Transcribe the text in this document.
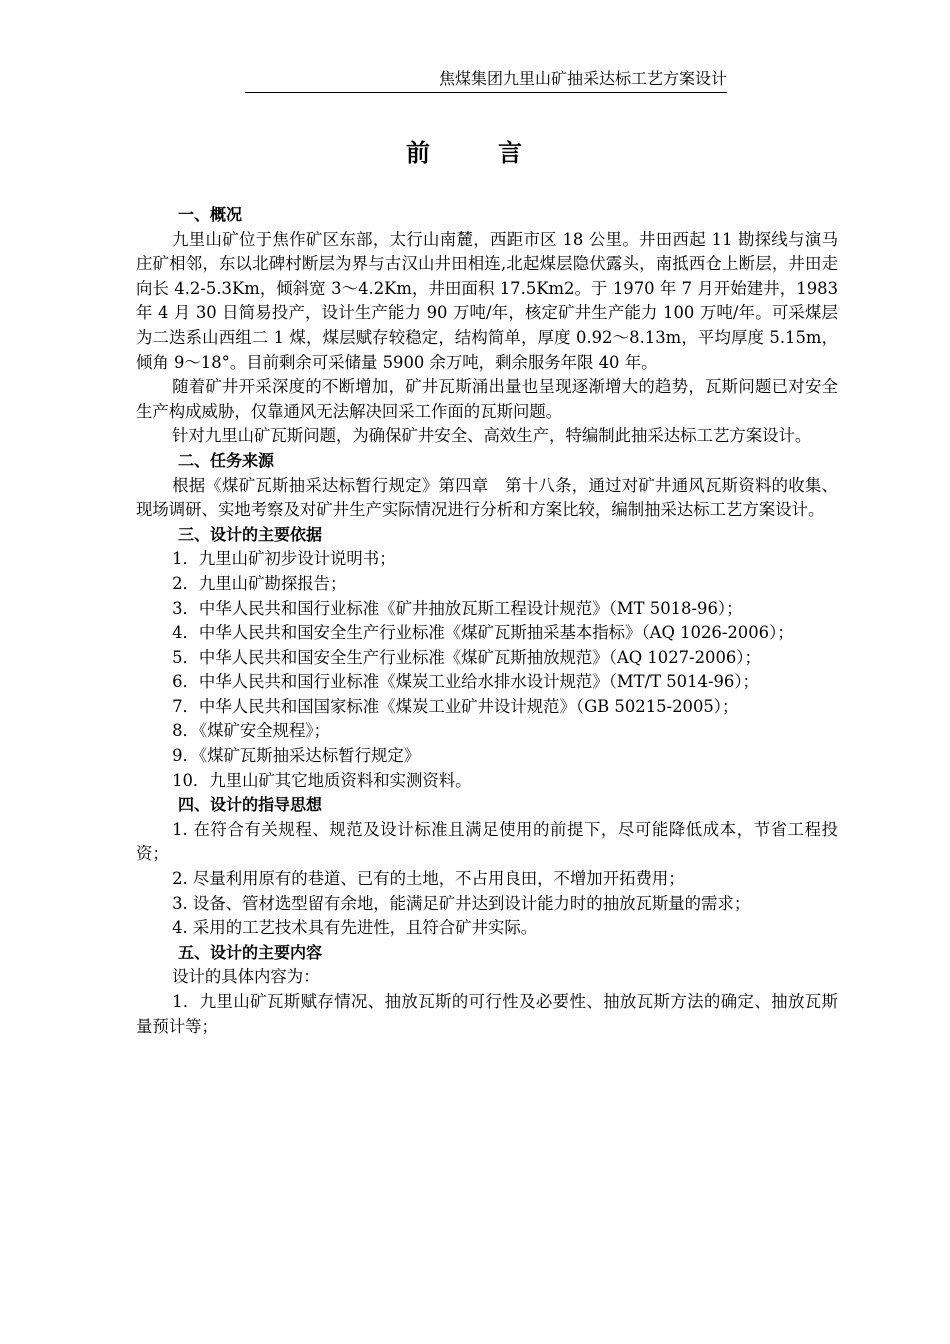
焦煤集团九里山矿抽采达标工艺方案设计
前　言

一、概况

九里山矿位于焦作矿区东部，太行山南麓，西距市区 18 公里。井田西起 11 勘探线与演马庄矿相邻，东以北碑村断层为界与古汉山井田相连,北起煤层隐伏露头，南抵西仓上断层，井田走向长 4.2-5.3Km，倾斜宽 3～4.2Km，井田面积 17.5Km2。于 1970 年 7 月开始建井，1983 年 4 月 30 日简易投产，设计生产能力 90 万吨/年，核定矿井生产能力 100 万吨/年。可采煤层为二迭系山西组二 1 煤，煤层赋存较稳定，结构简单，厚度 0.92～8.13m，平均厚度 5.15m，倾角 9～18°。目前剩余可采储量 5900 余万吨，剩余服务年限 40 年。

随着矿井开采深度的不断增加，矿井瓦斯涌出量也呈现逐渐增大的趋势，瓦斯问题已对安全生产构成威胁，仅靠通风无法解决回采工作面的瓦斯问题。

针对九里山矿瓦斯问题，为确保矿井安全、高效生产，特编制此抽采达标工艺方案设计。

二、任务来源

根据《煤矿瓦斯抽采达标暂行规定》第四章　第十八条，通过对矿井通风瓦斯资料的收集、现场调研、实地考察及对矿井生产实际情况进行分析和方案比较，编制抽采达标工艺方案设计。

三、设计的主要依据

1．九里山矿初步设计说明书；

2．九里山矿勘探报告；

3．中华人民共和国行业标准《矿井抽放瓦斯工程设计规范》（MT 5018-96）；

4．中华人民共和国安全生产行业标准《煤矿瓦斯抽采基本指标》（AQ 1026-2006）；

5．中华人民共和国安全生产行业标准《煤矿瓦斯抽放规范》（AQ 1027-2006）；

6．中华人民共和国行业标准《煤炭工业给水排水设计规范》（MT/T 5014-96）；

7．中华人民共和国国家标准《煤炭工业矿井设计规范》（GB 50215-2005）；

8．《煤矿安全规程》；

9．《煤矿瓦斯抽采达标暂行规定》

10．九里山矿其它地质资料和实测资料。

四、设计的指导思想

1. 在符合有关规程、规范及设计标准且满足使用的前提下，尽可能降低成本，节省工程投资；

2. 尽量利用原有的巷道、已有的土地，不占用良田，不增加开拓费用；

3. 设备、管材选型留有余地，能满足矿井达到设计能力时的抽放瓦斯量的需求；

4. 采用的工艺技术具有先进性，且符合矿井实际。

五、设计的主要内容

设计的具体内容为：

1．九里山矿瓦斯赋存情况、抽放瓦斯的可行性及必要性、抽放瓦斯方法的确定、抽放瓦斯量预计等；
